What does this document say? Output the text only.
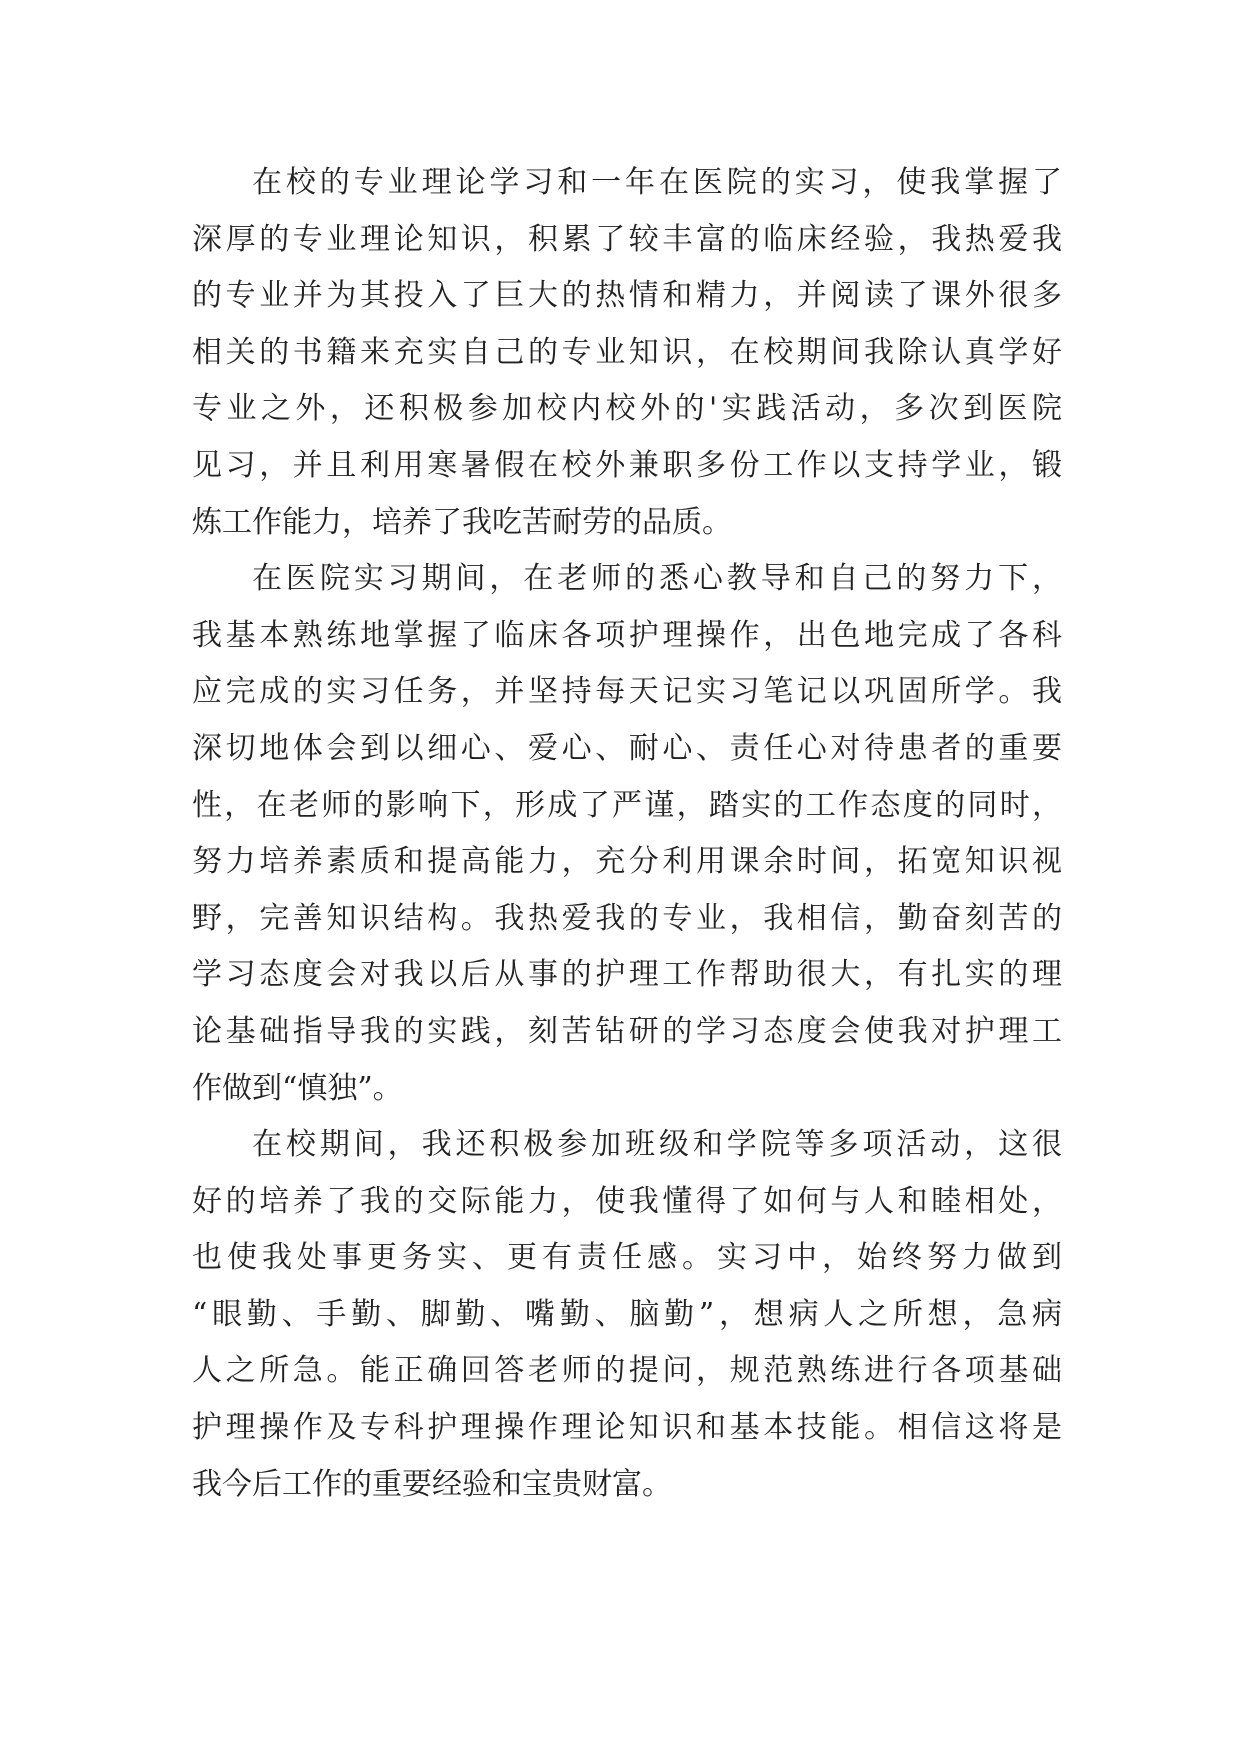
在校的专业理论学习和一年在医院的实习，使我掌握了
深厚的专业理论知识，积累了较丰富的临床经验，我热爱我
的专业并为其投入了巨大的热情和精力，并阅读了课外很多
相关的书籍来充实自己的专业知识，在校期间我除认真学好
专业之外，还积极参加校内校外的'实践活动，多次到医院
见习，并且利用寒暑假在校外兼职多份工作以支持学业，锻
炼工作能力，培养了我吃苦耐劳的品质。
在医院实习期间，在老师的悉心教导和自己的努力下，
我基本熟练地掌握了临床各项护理操作，出色地完成了各科
应完成的实习任务，并坚持每天记实习笔记以巩固所学。我
深切地体会到以细心、爱心、耐心、责任心对待患者的重要
性，在老师的影响下，形成了严谨，踏实的工作态度的同时，
努力培养素质和提高能力，充分利用课余时间，拓宽知识视
野，完善知识结构。我热爱我的专业，我相信，勤奋刻苦的
学习态度会对我以后从事的护理工作帮助很大，有扎实的理
论基础指导我的实践，刻苦钻研的学习态度会使我对护理工
作做到“慎独”。
在校期间，我还积极参加班级和学院等多项活动，这很
好的培养了我的交际能力，使我懂得了如何与人和睦相处，
也使我处事更务实、更有责任感。实习中，始终努力做到
“眼勤、手勤、脚勤、嘴勤、脑勤”，想病人之所想，急病
人之所急。能正确回答老师的提问，规范熟练进行各项基础
护理操作及专科护理操作理论知识和基本技能。相信这将是
我今后工作的重要经验和宝贵财富。
